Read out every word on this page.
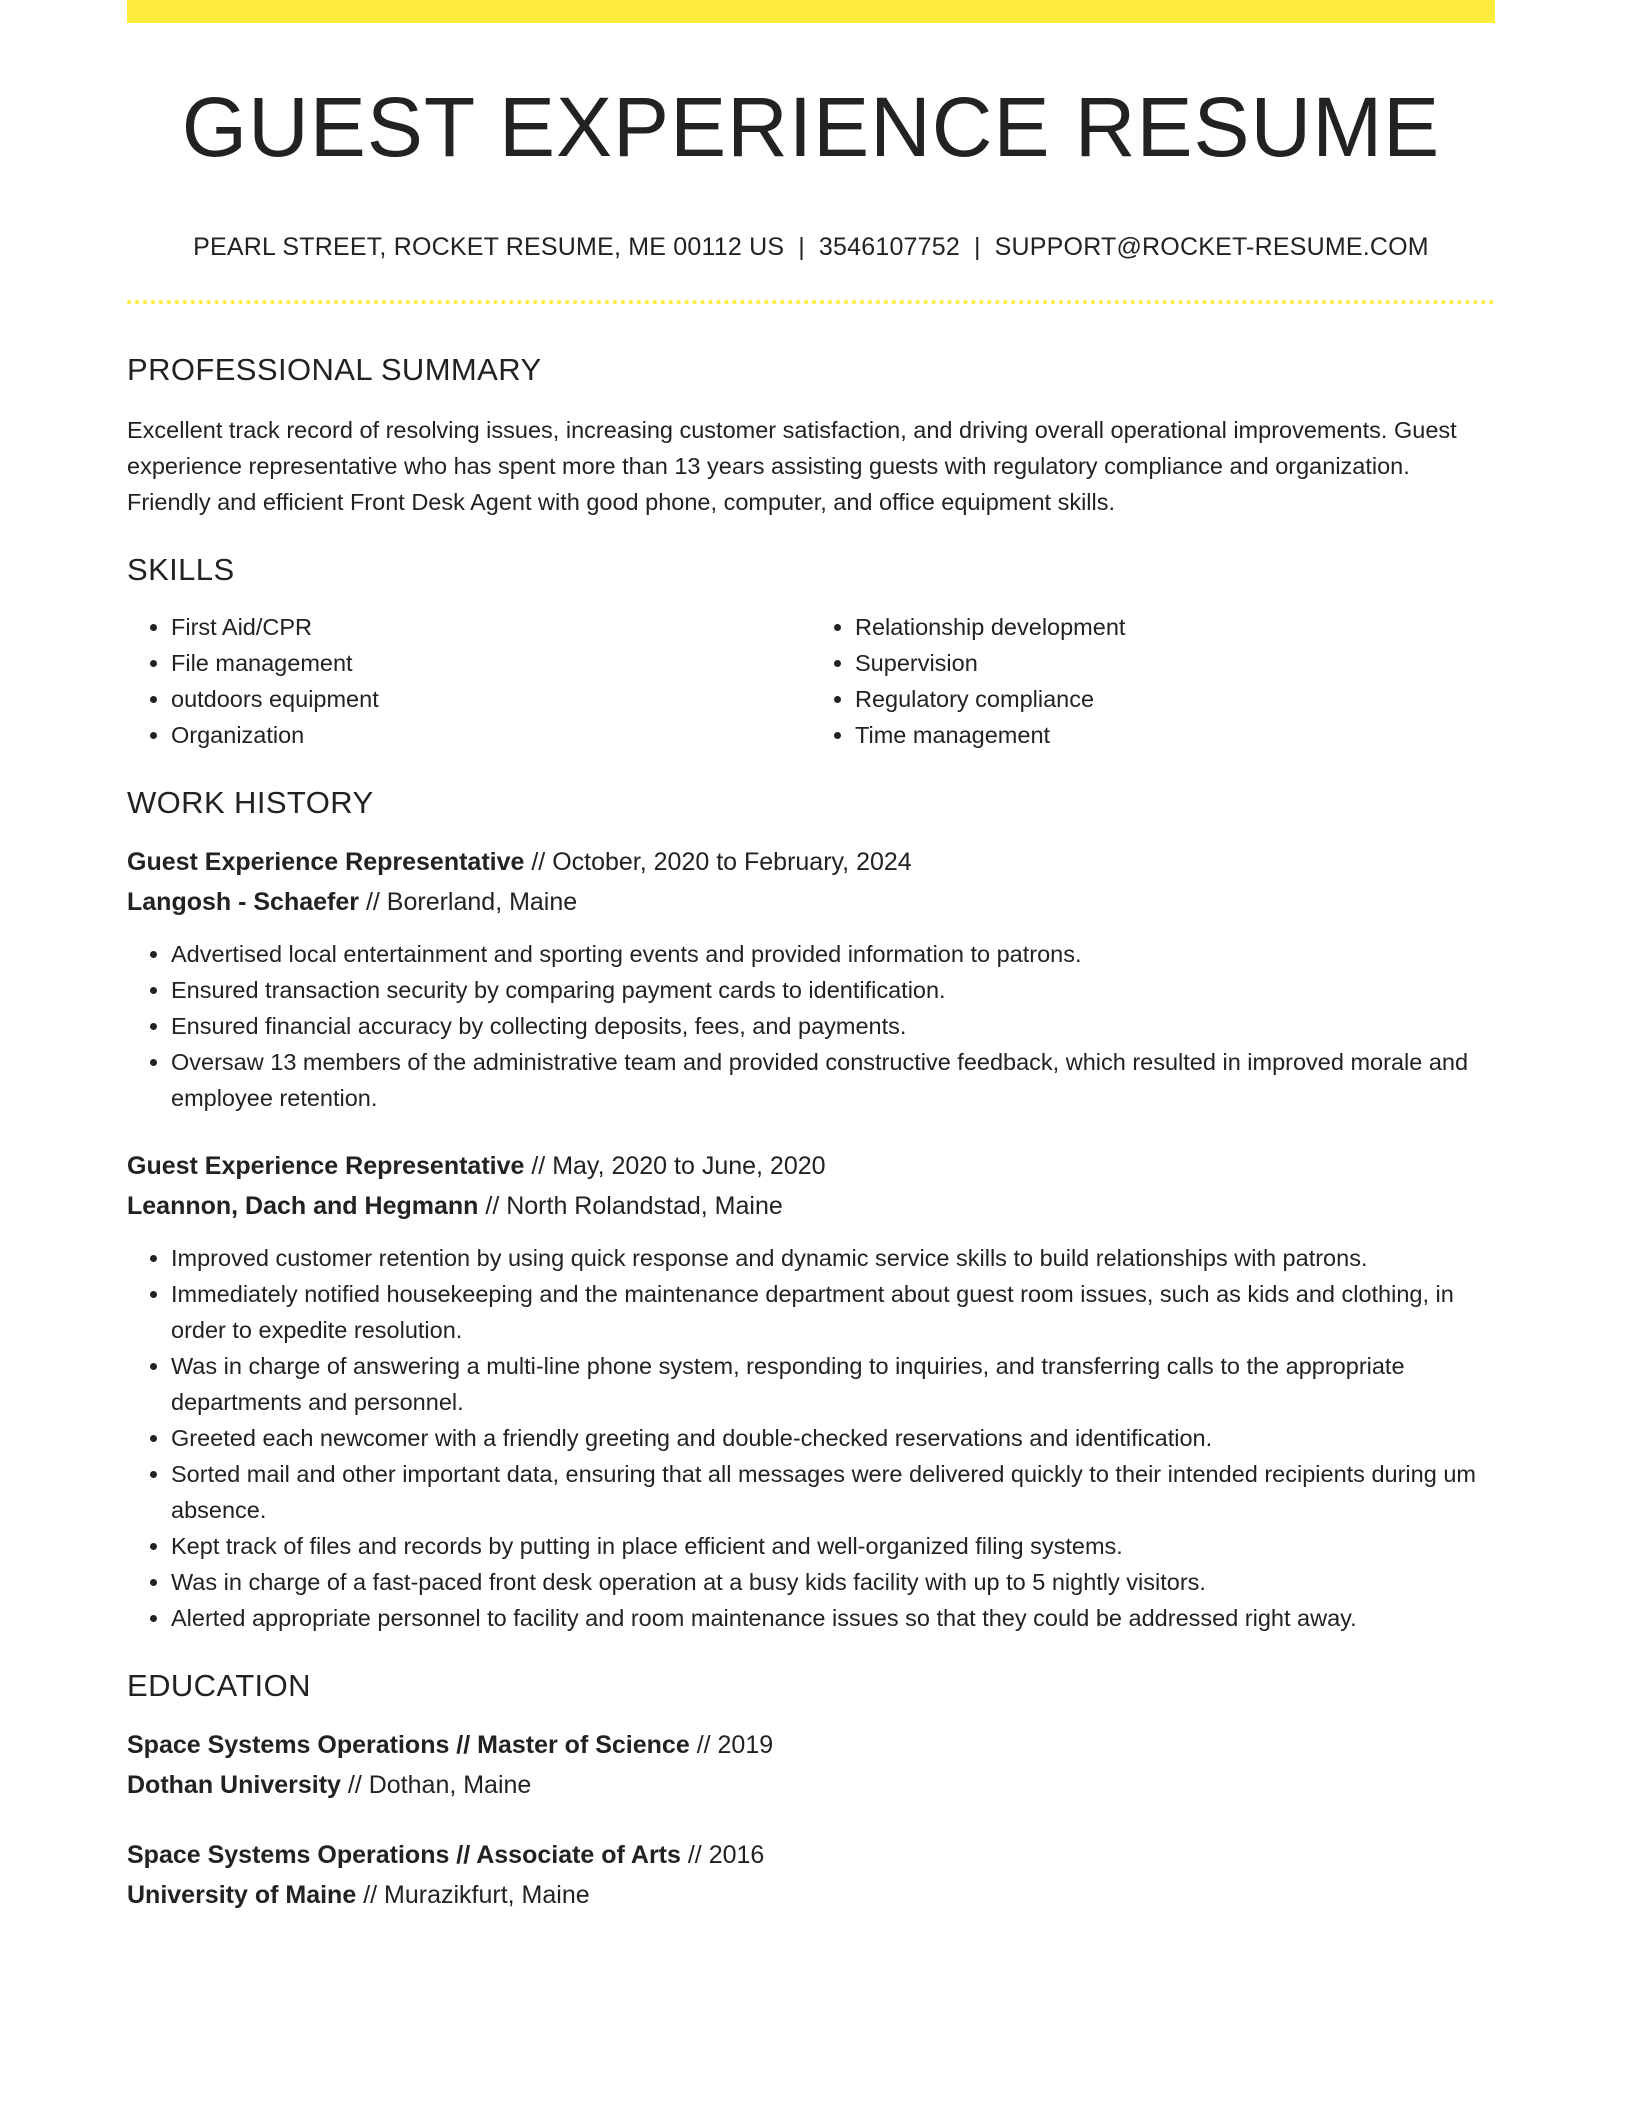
GUEST EXPERIENCE RESUME
PEARL STREET, ROCKET RESUME, ME 00112 US | 3546107752 | SUPPORT@ROCKET-RESUME.COM
PROFESSIONAL SUMMARY

Excellent track record of resolving issues, increasing customer satisfaction, and driving overall operational improvements. Guest experience representative who has spent more than 13 years assisting guests with regulatory compliance and organization. Friendly and efficient Front Desk Agent with good phone, computer, and office equipment skills.

SKILLS
• First Aid/CPR
• File management
• outdoors equipment
• Organization
• Relationship development
• Supervision
• Regulatory compliance
• Time management
WORK HISTORY
Guest Experience Representative // October, 2020 to February, 2024
Langosh - Schaefer // Borerland, Maine
• Advertised local entertainment and sporting events and provided information to patrons.
• Ensured transaction security by comparing payment cards to identification.
• Ensured financial accuracy by collecting deposits, fees, and payments.
• Oversaw 13 members of the administrative team and provided constructive feedback, which resulted in improved morale and employee retention.
Guest Experience Representative // May, 2020 to June, 2020
Leannon, Dach and Hegmann // North Rolandstad, Maine
• Improved customer retention by using quick response and dynamic service skills to build relationships with patrons.
• Immediately notified housekeeping and the maintenance department about guest room issues, such as kids and clothing, in order to expedite resolution.
• Was in charge of answering a multi-line phone system, responding to inquiries, and transferring calls to the appropriate departments and personnel.
• Greeted each newcomer with a friendly greeting and double-checked reservations and identification.
• Sorted mail and other important data, ensuring that all messages were delivered quickly to their intended recipients during um absence.
• Kept track of files and records by putting in place efficient and well-organized filing systems.
• Was in charge of a fast-paced front desk operation at a busy kids facility with up to 5 nightly visitors.
• Alerted appropriate personnel to facility and room maintenance issues so that they could be addressed right away.
EDUCATION
Space Systems Operations // Master of Science // 2019
Dothan University // Dothan, Maine
Space Systems Operations // Associate of Arts // 2016
University of Maine // Murazikfurt, Maine
